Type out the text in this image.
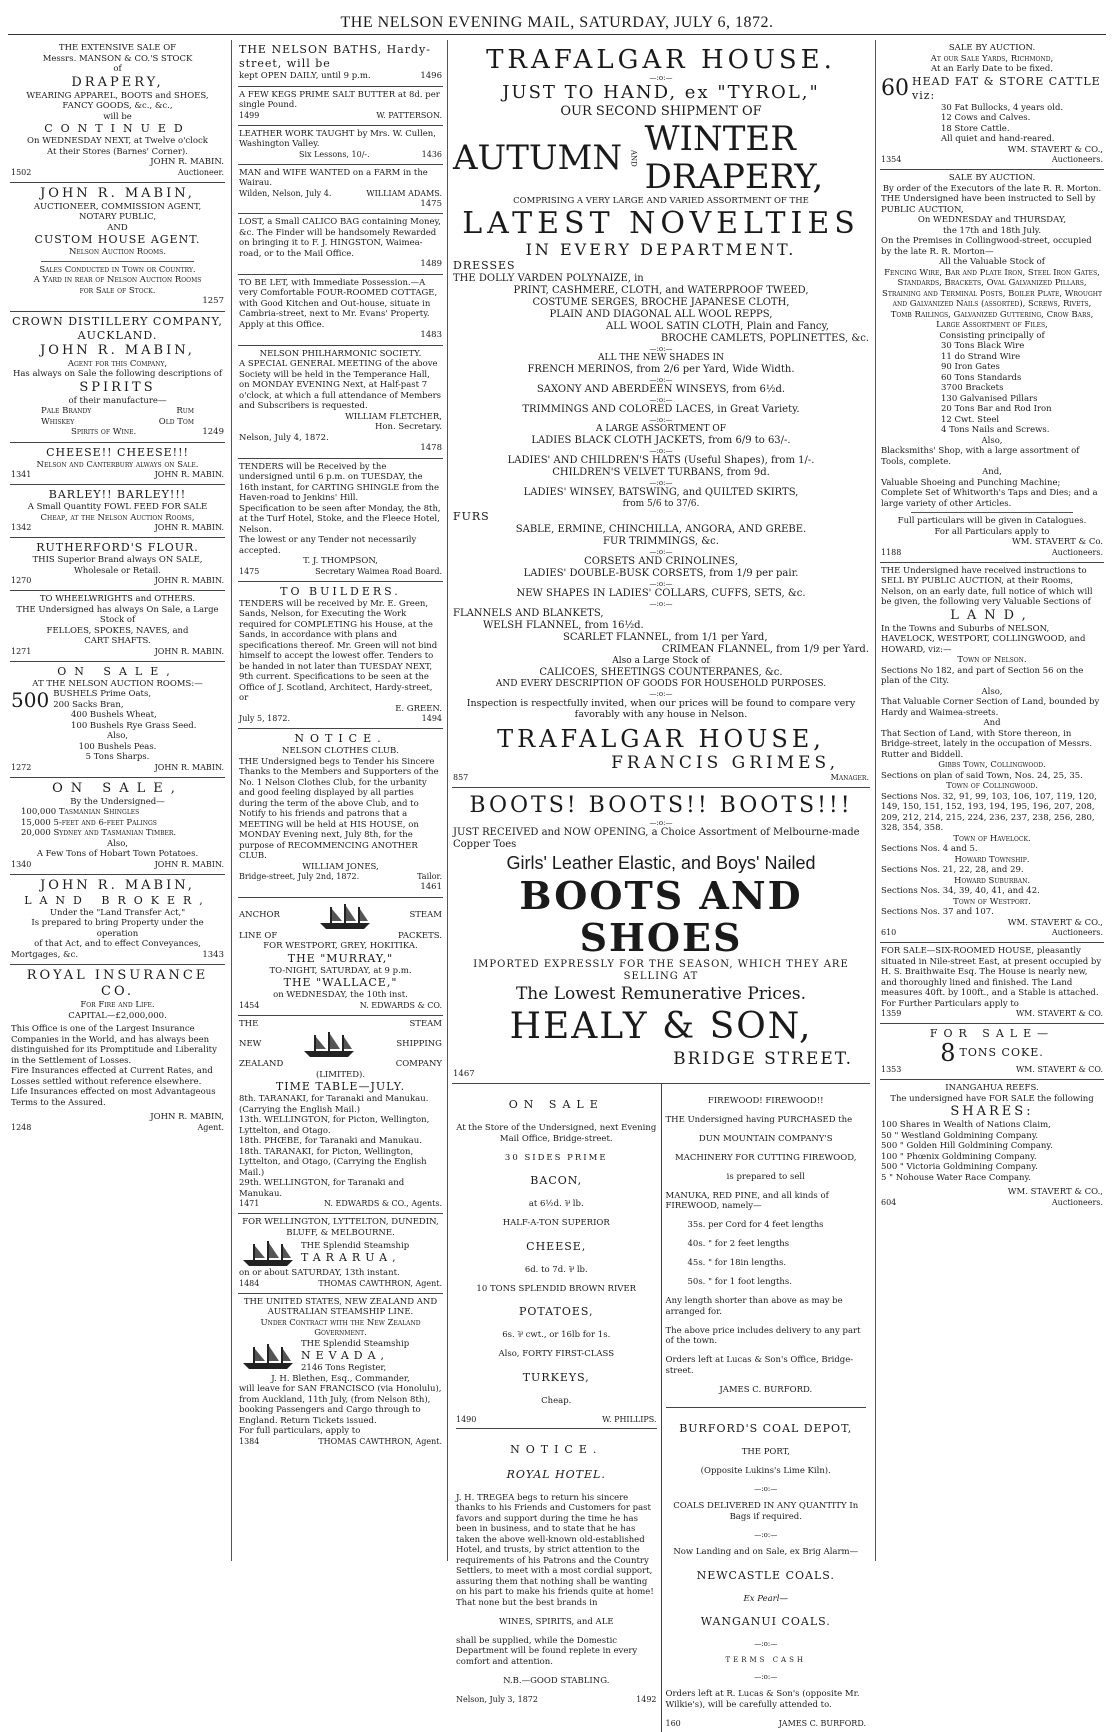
THE NELSON EVENING MAIL, SATURDAY, JULY 6, 1872.

THE EXTENSIVE SALE OF

Messrs. MANSON & CO.'S STOCK

of

DRAPERY,

WEARING APPAREL, BOOTS and SHOES,

FANCY GOODS, &c., &c.,

will be

CONTINUED

On WEDNESDAY NEXT, at Twelve o'clock

At their Stores (Barnes' Corner).

JOHN R. MABIN.

1502	Auctioneer.

JOHN R. MABIN,

AUCTIONEER, COMMISSION AGENT,

NOTARY PUBLIC,

AND

CUSTOM HOUSE AGENT.

Nelson Auction Rooms.

Sales Conducted in Town or Country.

A Yard in rear of Nelson Auction Rooms

for Sale of Stock.

1257

CROWN DISTILLERY COMPANY, AUCKLAND.

JOHN R. MABIN,

Agent for this Company,

Has always on Sale the following descriptions of

SPIRITS

of their manufacture—

Pale Brandy	Rum
Whiskey	Old Tom
Spirits of Wine.	1249

CHEESE!! CHEESE!!!

Nelson and Canterbury always on Sale.

1341	JOHN R. MABIN.

BARLEY!! BARLEY!!!

A Small Quantity FOWL FEED FOR SALE

Cheap, at the Nelson Auction Rooms,

1342	JOHN R. MABIN.

RUTHERFORD'S FLOUR.

THIS Superior Brand always ON SALE,

Wholesale or Retail.

1270	JOHN R. MABIN.

TO WHEELWRIGHTS and OTHERS.

THE Undersigned has always On Sale, a Large

Stock of

FELLOES, SPOKES, NAVES, and

CART SHAFTS.

1271	JOHN R. MABIN.

ON SALE,

AT THE NELSON AUCTION ROOMS:—

500 BUSHELS Prime Oats,
200 Sacks Bran,

400 Bushels Wheat,

100 Bushels Rye Grass Seed.

Also,

100 Bushels Peas.

5 Tons Sharps.

1272	JOHN R. MABIN.

ON SALE,

By the Undersigned—

100,000 Tasmanian Shingles

15,000 5-feet and 6-feet Palings

20,000 Sydney and Tasmanian Timber.

Also,

A Few Tons of Hobart Town Potatoes.

1340	JOHN R. MABIN.

JOHN R. MABIN,

LAND BROKER,

Under the "Land Transfer Act,"

Is prepared to bring Property under the operation

of that Act, and to effect Conveyances,

Mortgages, &c.	1343

ROYAL INSURANCE CO.

For Fire and Life.

CAPITAL—£2,000,000.

This Office is one of the Largest Insurance Companies in the World, and has always been distinguished for its Promptitude and Liberality in the Settlement of Losses.

Fire Insurances effected at Current Rates, and Losses settled without reference elsewhere.

Life Insurances effected on most Advantageous Terms to the Assured.

JOHN R. MABIN,

1248	Agent.

THE NELSON BATHS, Hardy-street, will be

kept OPEN DAILY, until 9 p.m.	1496

A FEW KEGS PRIME SALT BUTTER at 8d. per single Pound.

1499	W. PATTERSON.

LEATHER WORK TAUGHT by Mrs. W. Cullen, Washington Valley.

Six Lessons, 10/-.	1436

MAN and WIFE WANTED on a FARM in the Wairau.

Wilden, Nelson, July 4.	WILLIAM ADAMS.

1475

LOST, a Small CALICO BAG containing Money, &c. The Finder will be handsomely Rewarded on bringing it to F. J. HINGSTON, Waimea-road, or to the Mail Office.

1489

TO BE LET, with Immediate Possession.—A very Comfortable FOUR-ROOMED COTTAGE, with Good Kitchen and Out-house, situate in Cambria-street, next to Mr. Evans' Property. Apply at this Office.

1483

NELSON PHILHARMONIC SOCIETY.

A SPECIAL GENERAL MEETING of the above Society will be held in the Temperance Hall, on MONDAY EVENING Next, at Half-past 7 o'clock, at which a full attendance of Members and Subscribers is requested.

WILLIAM FLETCHER,

Hon. Secretary.

Nelson, July 4, 1872.

1478

TENDERS will be Received by the undersigned until 6 p.m. on TUESDAY, the 16th instant, for CARTING SHINGLE from the Haven-road to Jenkins' Hill.

Specification to be seen after Monday, the 8th, at the Turf Hotel, Stoke, and the Fleece Hotel, Nelson.

The lowest or any Tender not necessarily accepted.

T. J. THOMPSON,

1475	Secretary Waimea Road Board.

TO BUILDERS.

TENDERS will be received by Mr. E. Green, Sands, Nelson, for Executing the Work required for COMPLETING his House, at the Sands, in accordance with plans and specifications thereof. Mr. Green will not bind himself to accept the lowest offer. Tenders to be handed in not later than TUESDAY NEXT, 9th current. Specifications to be seen at the Office of J. Scotland, Architect, Hardy-street, or

E. GREEN.

July 5, 1872.	1494

NOTICE.

NELSON CLOTHES CLUB.

THE Undersigned begs to Tender his Sincere Thanks to the Members and Supporters of the No. 1 Nelson Clothes Club, for the urbanity and good feeling displayed by all parties during the term of the above Club, and to Notify to his friends and patrons that a MEETING will be held at HIS HOUSE, on MONDAY Evening next, July 8th, for the purpose of RECOMMENCING ANOTHER CLUB.

WILLIAM JONES,

Bridge-street, July 2nd, 1872.	Tailor.

1461

ANCHOR	STEAM
LINE OF	PACKETS.

FOR WESTPORT, GREY, HOKITIKA.

THE "MURRAY,"

TO-NIGHT, SATURDAY, at 9 p.m.

THE "WALLACE,"

on WEDNESDAY, the 10th inst.

1454	N. EDWARDS & CO.
THE	STEAM
NEW	SHIPPING
ZEALAND	COMPANY

(LIMITED).

TIME TABLE—JULY.

8th. TARANAKI, for Taranaki and Manukau. (Carrying the English Mail.)

13th. WELLINGTON, for Picton, Wellington, Lyttelton, and Otago.

18th. PHŒBE, for Taranaki and Manukau.

18th. TARANAKI, for Picton, Wellington, Lyttelton, and Otago, (Carrying the English Mail.)

29th. WELLINGTON, for Taranaki and Manukau.

1471	N. EDWARDS & CO., Agents.

FOR WELLINGTON, LYTTELTON, DUNEDIN, BLUFF, & MELBOURNE.

THE Splendid Steamship
TARARUA,

on or about SATURDAY, 13th instant.

1484	THOMAS CAWTHRON, Agent.

THE UNITED STATES, NEW ZEALAND AND AUSTRALIAN STEAMSHIP LINE.

Under Contract with the New Zealand Government.

THE Splendid Steamship
NEVADA,
2146 Tons Register,

J. H. Blethen, Esq., Commander,

will leave for SAN FRANCISCO (via Honolulu), from Auckland, 11th July, (from Nelson 8th), booking Passengers and Cargo through to England. Return Tickets issued.

For full particulars, apply to

1384	THOMAS CAWTHRON, Agent.

TRAFALGAR HOUSE.

—:o:—

JUST TO HAND, ex "TYROL,"

OUR SECOND SHIPMENT OF

AUTUMN AND WINTER DRAPERY,

COMPRISING A VERY LARGE AND VARIED ASSORTMENT OF THE

LATEST NOVELTIES

IN EVERY DEPARTMENT.

DRESSES

THE DOLLY VARDEN POLYNAIZE, in

PRINT, CASHMERE, CLOTH, and WATERPROOF TWEED,

COSTUME SERGES, BROCHE JAPANESE CLOTH,

PLAIN AND DIAGONAL ALL WOOL REPPS,

ALL WOOL SATIN CLOTH, Plain and Fancy,

BROCHE CAMLETS, POPLINETTES, &c.

—:o:—

ALL THE NEW SHADES IN

FRENCH MERINOS, from 2/6 per Yard, Wide Width.

—:o:—

SAXONY AND ABERDEEN WINSEYS, from 6½d.

—:o:—

TRIMMINGS AND COLORED LACES, in Great Variety.

—:o:—

A LARGE ASSORTMENT OF

LADIES BLACK CLOTH JACKETS, from 6/9 to 63/-.

—:o:—

LADIES' AND CHILDREN'S HATS (Useful Shapes), from 1/-.

CHILDREN'S VELVET TURBANS, from 9d.

—:o:—

LADIES' WINSEY, BATSWING, and QUILTED SKIRTS,

from 5/6 to 37/6.

FURS

SABLE, ERMINE, CHINCHILLA, ANGORA, AND GREBE.

FUR TRIMMINGS, &c.

—:o:—

CORSETS AND CRINOLINES,

LADIES' DOUBLE-BUSK CORSETS, from 1/9 per pair.

—:o:—

NEW SHAPES IN LADIES' COLLARS, CUFFS, SETS, &c.

—:o:—

FLANNELS AND BLANKETS,

WELSH FLANNEL, from 16½d.

SCARLET FLANNEL, from 1/1 per Yard,

CRIMEAN FLANNEL, from 1/9 per Yard.

Also a Large Stock of

CALICOES, SHEETINGS COUNTERPANES, &c.

AND EVERY DESCRIPTION OF GOODS FOR HOUSEHOLD PURPOSES.

—:o:—

Inspection is respectfully invited, when our prices will be found to compare very favorably with any house in Nelson.

TRAFALGAR HOUSE,

FRANCIS GRIMES,

857	Manager.

BOOTS! BOOTS!! BOOTS!!!

—:o:—

JUST RECEIVED and NOW OPENING, a Choice Assortment of Melbourne-made Copper Toes

Girls' Leather Elastic, and Boys' Nailed

BOOTS AND SHOES

IMPORTED EXPRESSLY FOR THE SEASON, WHICH THEY ARE SELLING AT

The Lowest Remunerative Prices.

HEALY & SON,

BRIDGE STREET.

1467

ON SALE

At the Store of the Undersigned, next Evening Mail Office, Bridge-street.

30 SIDES PRIME

BACON,

at 6½d. ⅌ lb.

HALF-A-TON SUPERIOR

CHEESE,

6d. to 7d. ⅌ lb.

10 TONS SPLENDID BROWN RIVER

POTATOES,

6s. ⅌ cwt., or 16lb for 1s.

Also, FORTY FIRST-CLASS

TURKEYS,

Cheap.

1490	W. PHILLIPS.

NOTICE.

ROYAL HOTEL.

J. H. TREGEA begs to return his sincere thanks to his Friends and Customers for past favors and support during the time he has been in business, and to state that he has taken the above well-known old-established Hotel, and trusts, by strict attention to the requirements of his Patrons and the Country Settlers, to meet with a most cordial support, assuring them that nothing shall be wanting on his part to make his friends quite at home! That none but the best brands in

WINES, SPIRITS, and ALE

shall be supplied, while the Domestic Department will be found replete in every comfort and attention.

N.B.—GOOD STABLING.

Nelson, July 3, 1872	1492

FIREWOOD! FIREWOOD!!

THE Undersigned having PURCHASED the

DUN MOUNTAIN COMPANY'S

MACHINERY FOR CUTTING FIREWOOD,

is prepared to sell

MANUKA, RED PINE, and all kinds of FIREWOOD, namely—

35s. per Cord for 4 feet lengths

40s. " for 2 feet lengths

45s. " for 18in lengths.

50s. " for 1 foot lengths.

Any length shorter than above as may be arranged for.

The above price includes delivery to any part of the town.

Orders left at Lucas & Son's Office, Bridge-street.

JAMES C. BURFORD.

BURFORD'S COAL DEPOT,

THE PORT,

(Opposite Lukins's Lime Kiln).

—:o:—

COALS DELIVERED IN ANY QUANTITY In Bags if required.

—:o:—

Now Landing and on Sale, ex Brig Alarm—

NEWCASTLE COALS.

Ex Pearl—

WANGANUI COALS.

—:o:—

TERMS CASH

—:o:—

Orders left at R. Lucas & Son's (opposite Mr. Wilkie's), will be carefully attended to.

160	JAMES C. BURFORD.

SALE BY AUCTION.

At our Sale Yards, Richmond,

At an Early Date to be fixed.

60 HEAD FAT & STORE CATTLE viz:

30 Fat Bullocks, 4 years old.

12 Cows and Calves.

18 Store Cattle.

All quiet and hand-reared.

WM. STAVERT & CO.,

1354	Auctioneers.

SALE BY AUCTION.

By order of the Executors of the late R. R. Morton.

THE Undersigned have been instructed to Sell by PUBLIC AUCTION,

On WEDNESDAY and THURSDAY,

the 17th and 18th July.

On the Premises in Collingwood-street, occupied by the late R. R. Morton—

All the Valuable Stock of

Fencing Wire, Bar and Plate Iron, Steel Iron Gates, Standards, Brackets, Oval Galvanized Pillars, Straining and Terminal Posts, Boiler Plate, Wrought and Galvanized Nails (assorted), Screws, Rivets, Tomb Railings, Galvanized Guttering, Crow Bars, Large Assortment of Files,

Consisting principally of

30 Tons Black Wire

11 do Strand Wire

90 Iron Gates

60 Tons Standards

3700 Brackets

130 Galvanised Pillars

20 Tons Bar and Rod Iron

12 Cwt. Steel

4 Tons Nails and Screws.

Also,

Blacksmiths' Shop, with a large assortment of Tools, complete.

And,

Valuable Shoeing and Punching Machine; Complete Set of Whitworth's Taps and Dies; and a large variety of other Articles.

Full particulars will be given in Catalogues.

For all Particulars apply to

WM. STAVERT & Co.

1188	Auctioneers.

THE Undersigned have received instructions to SELL BY PUBLIC AUCTION, at their Rooms, Nelson, on an early date, full notice of which will be given, the following very Valuable Sections of

LAND,

In the Towns and Suburbs of NELSON, HAVELOCK, WESTPORT, COLLINGWOOD, and HOWARD, viz:—

Town of Nelson.

Sections No 182, and part of Section 56 on the plan of the City.

Also,

That Valuable Corner Section of Land, bounded by Hardy and Waimea-streets.

And

That Section of Land, with Store thereon, in Bridge-street, lately in the occupation of Messrs. Rutter and Biddell.

Gibbs Town, Collingwood.

Sections on plan of said Town, Nos. 24, 25, 35.

Town of Collingwood.

Sections Nos. 32, 91, 99, 103, 106, 107, 119, 120, 149, 150, 151, 152, 193, 194, 195, 196, 207, 208, 209, 212, 214, 215, 224, 236, 237, 238, 256, 280, 328, 354, 358.

Town of Havelock.

Sections Nos. 4 and 5.

Howard Township.

Sections Nos. 21, 22, 28, and 29.

Howard Suburban.

Sections Nos. 34, 39, 40, 41, and 42.

Town of Westport.

Sections Nos. 37 and 107.

WM. STAVERT & CO.,

610	Auctioneers.

FOR SALE—SIX-ROOMED HOUSE, pleasantly situated in Nile-street East, at present occupied by H. S. Braithwaite Esq. The House is nearly new, and thoroughly lined and finished. The Land measures 40ft. by 100ft., and a Stable is attached.

For Further Particulars apply to

1359	WM. STAVERT & CO.

FOR SALE—

8 TONS COKE.
1353	WM. STAVERT & CO.

INANGAHUA REEFS.

The undersigned have FOR SALE the following

SHARES:

100 Shares in Wealth of Nations Claim,

50 " Westland Goldmining Company.

500 " Golden Hill Goldmining Company.

100 " Phœnix Goldmining Company.

500 " Victoria Goldmining Company.

5 " Nohouse Water Race Company.

WM. STAVERT & CO.,

604	Auctioneers.
